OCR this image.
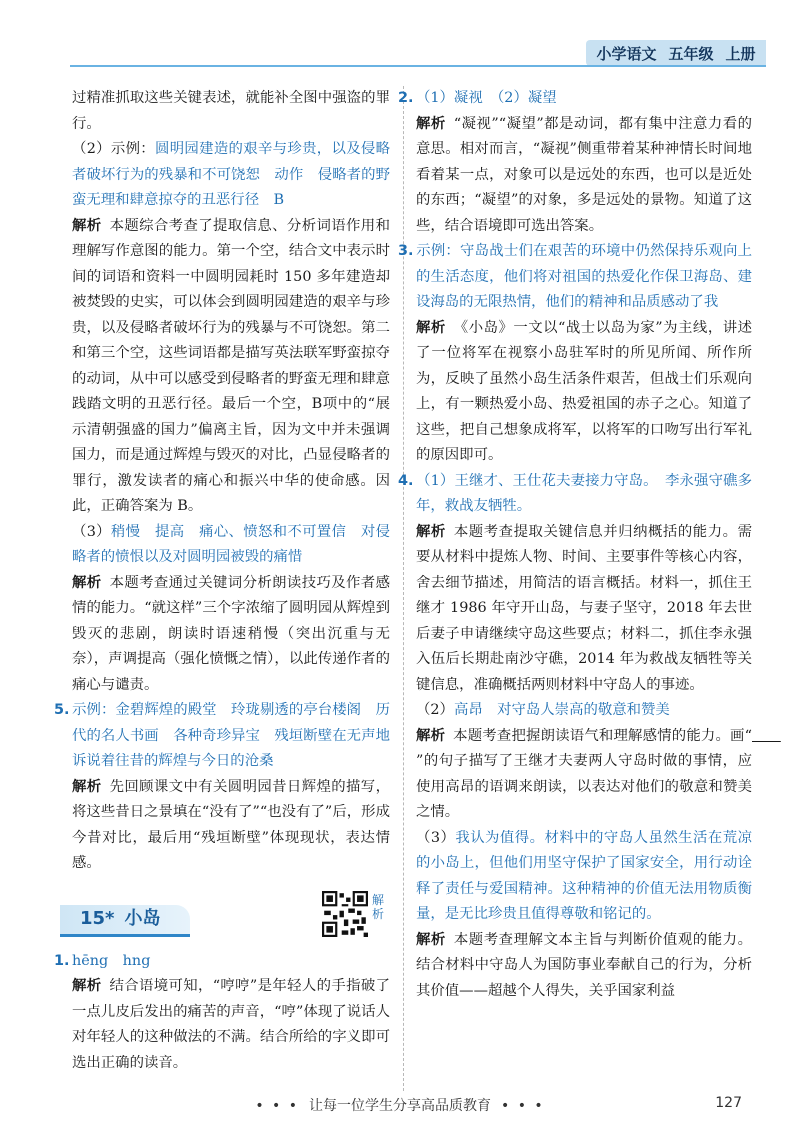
小学语文 五年级 上册

过精准抓取这些关键表述，就能补全图中强盗的罪行。

（2）示例：圆明园建造的艰辛与珍贵，以及侵略者破坏行为的残暴和不可饶恕　动作　侵略者的野蛮无理和肆意掠夺的丑恶行径　B

解析 本题综合考查了提取信息、分析词语作用和理解写作意图的能力。第一个空，结合文中表示时间的词语和资料一中圆明园耗时 150 多年建造却被焚毁的史实，可以体会到圆明园建造的艰辛与珍贵，以及侵略者破坏行为的残暴与不可饶恕。第二和第三个空，这些词语都是描写英法联军野蛮掠夺的动词，从中可以感受到侵略者的野蛮无理和肆意践踏文明的丑恶行径。最后一个空，B项中的“展示清朝强盛的国力”偏离主旨，因为文中并未强调国力，而是通过辉煌与毁灭的对比，凸显侵略者的罪行，激发读者的痛心和振兴中华的使命感。因此，正确答案为 B。

（3）稍慢　提高　痛心、愤怒和不可置信　对侵略者的愤恨以及对圆明园被毁的痛惜

解析 本题考查通过关键词分析朗读技巧及作者感情的能力。“就这样”三个字浓缩了圆明园从辉煌到毁灭的悲剧，朗读时语速稍慢（突出沉重与无奈），声调提高（强化愤慨之情），以此传递作者的痛心与谴责。

5. 示例：金碧辉煌的殿堂　玲珑剔透的亭台楼阁　历代的名人书画　各种奇珍异宝　残垣断壁在无声地诉说着往昔的辉煌与今日的沧桑

解析 先回顾课文中有关圆明园昔日辉煌的描写，将这些昔日之景填在“没有了”“也没有了”后，形成今昔对比，最后用“残垣断壁”体现现状，表达情感。

15* 小岛
解析

1. hēng　hng

解析 结合语境可知，“哼哼”是年轻人的手指破了一点儿皮后发出的痛苦的声音，“哼”体现了说话人对年轻人的这种做法的不满。结合所给的字义即可选出正确的读音。

2. （1）凝视　（2）凝望

解析 “凝视”“凝望”都是动词，都有集中注意力看的意思。相对而言，“凝视”侧重带着某种神情长时间地看着某一点，对象可以是远处的东西，也可以是近处的东西；“凝望”的对象，多是远处的景物。知道了这些，结合语境即可选出答案。

3. 示例：守岛战士们在艰苦的环境中仍然保持乐观向上的生活态度，他们将对祖国的热爱化作保卫海岛、建设海岛的无限热情，他们的精神和品质感动了我

解析 《小岛》一文以“战士以岛为家”为主线，讲述了一位将军在视察小岛驻军时的所见所闻、所作所为，反映了虽然小岛生活条件艰苦，但战士们乐观向上，有一颗热爱小岛、热爱祖国的赤子之心。知道了这些，把自己想象成将军，以将军的口吻写出行军礼的原因即可。

4. （1）王继才、王仕花夫妻接力守岛。　李永强守礁多年，救战友牺牲。

解析 本题考查提取关键信息并归纳概括的能力。需要从材料中提炼人物、时间、主要事件等核心内容，舍去细节描述，用简洁的语言概括。材料一，抓住王继才 1986 年守开山岛，与妻子坚守，2018 年去世后妻子申请继续守岛这些要点；材料二，抓住李永强入伍后长期赴南沙守礁，2014 年为救战友牺牲等关键信息，准确概括两则材料中守岛人的事迹。

（2）高昂　对守岛人崇高的敬意和赞美

解析 本题考查把握朗读语气和理解感情的能力。画“　　”的句子描写了王继才夫妻两人守岛时做的事情，应使用高昂的语调来朗读，以表达对他们的敬意和赞美之情。

（3）我认为值得。材料中的守岛人虽然生活在荒凉的小岛上，但他们用坚守保护了国家安全，用行动诠释了责任与爱国精神。这种精神的价值无法用物质衡量，是无比珍贵且值得尊敬和铭记的。

解析 本题考查理解文本主旨与判断价值观的能力。结合材料中守岛人为国防事业奉献自己的行为，分析其价值——超越个人得失，关乎国家利益

• • • 让每一位学生分享高品质教育 • • •	127
